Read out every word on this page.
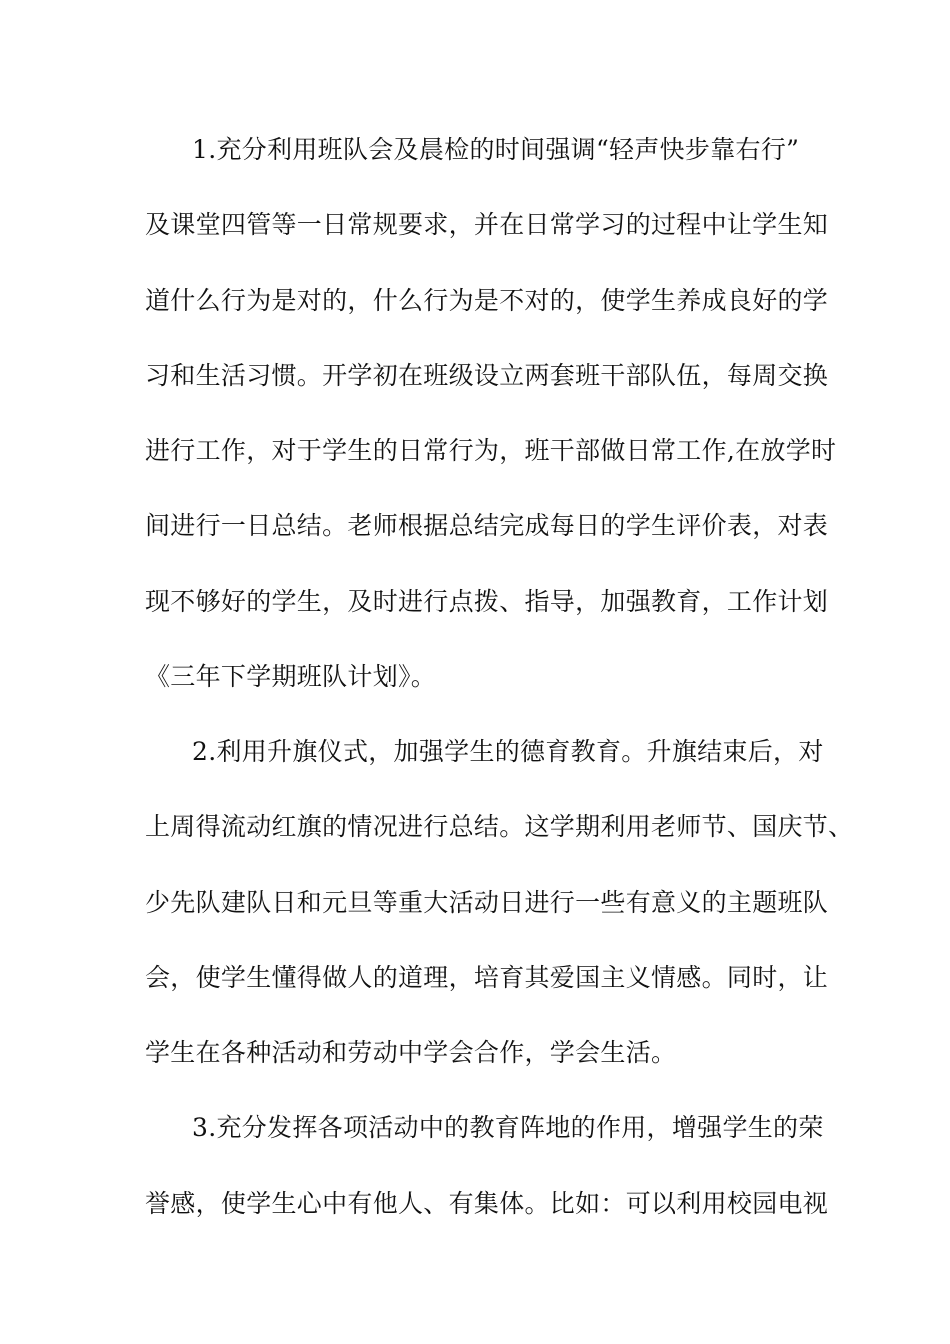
1.充分利用班队会及晨检的时间强调“轻声快步靠右行”
及课堂四管等一日常规要求，并在日常学习的过程中让学生知
道什么行为是对的，什么行为是不对的，使学生养成良好的学
习和生活习惯。开学初在班级设立两套班干部队伍，每周交换
进行工作，对于学生的日常行为，班干部做日常工作,在放学时
间进行一日总结。老师根据总结完成每日的学生评价表，对表
现不够好的学生，及时进行点拨、指导，加强教育，工作计划
《三年下学期班队计划》。
2.利用升旗仪式，加强学生的德育教育。升旗结束后，对
上周得流动红旗的情况进行总结。这学期利用老师节、国庆节、
少先队建队日和元旦等重大活动日进行一些有意义的主题班队
会，使学生懂得做人的道理，培育其爱国主义情感。同时，让
学生在各种活动和劳动中学会合作，学会生活。
3.充分发挥各项活动中的教育阵地的作用，增强学生的荣
誉感，使学生心中有他人、有集体。比如：可以利用校园电视
